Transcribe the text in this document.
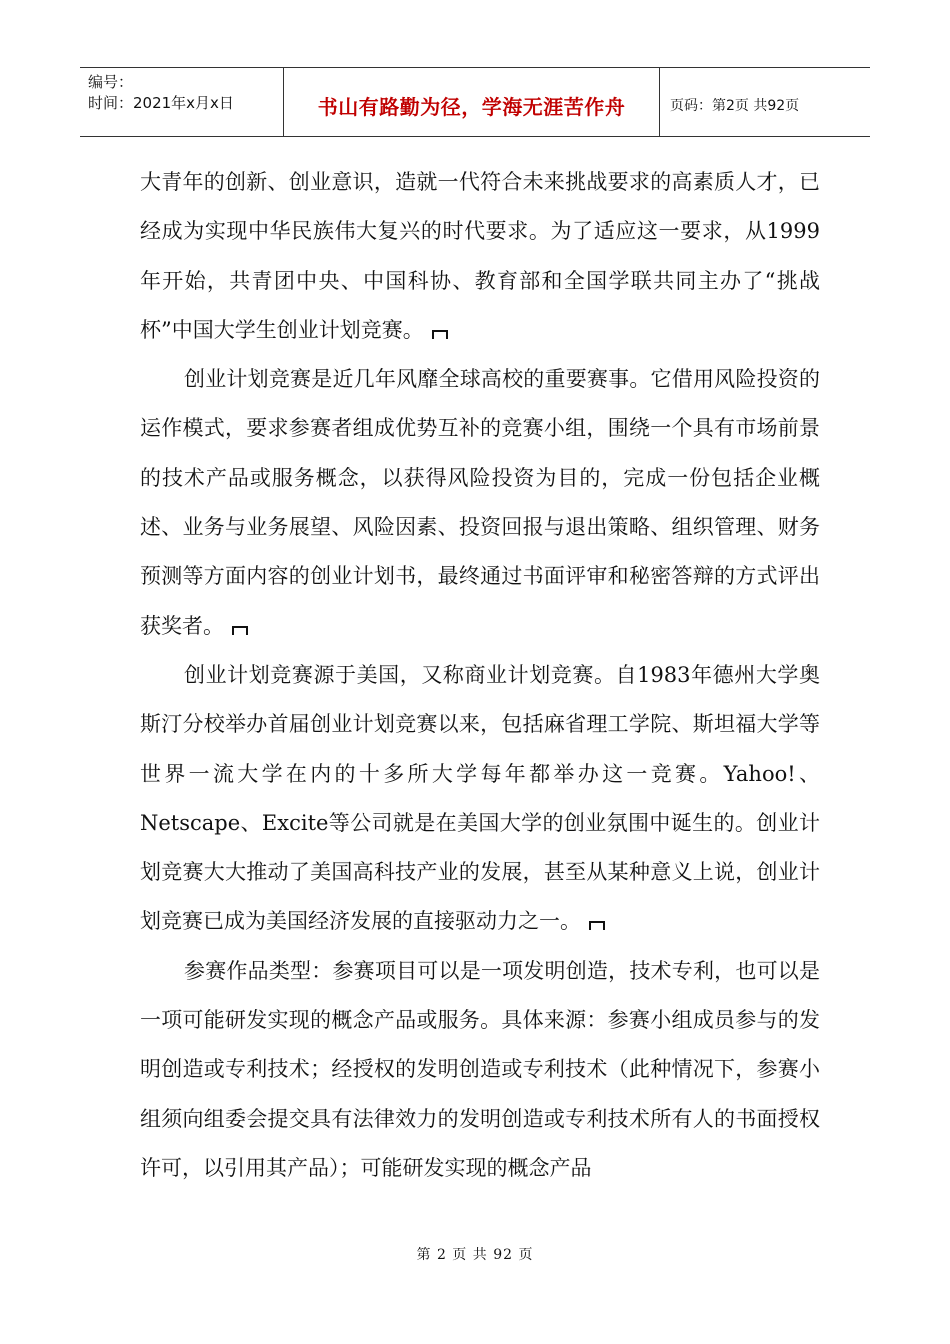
编号：
时间：2021年x月x日	书山有路勤为径，学海无涯苦作舟	页码：第2页 共92页

大青年的创新、创业意识，造就一代符合未来挑战要求的高素质人才，已经成为实现中华民族伟大复兴的时代要求。为了适应这一要求，从1999年开始，共青团中央、中国科协、教育部和全国学联共同主办了“挑战杯”中国大学生创业计划竞赛。

创业计划竞赛是近几年风靡全球高校的重要赛事。它借用风险投资的运作模式，要求参赛者组成优势互补的竞赛小组，围绕一个具有市场前景的技术产品或服务概念，以获得风险投资为目的，完成一份包括企业概述、业务与业务展望、风险因素、投资回报与退出策略、组织管理、财务预测等方面内容的创业计划书，最终通过书面评审和秘密答辩的方式评出获奖者。

创业计划竞赛源于美国，又称商业计划竞赛。自1983年德州大学奥斯汀分校举办首届创业计划竞赛以来，包括麻省理工学院、斯坦福大学等世界一流大学在内的十多所大学每年都举办这一竞赛。Yahoo!、Netscape、Excite等公司就是在美国大学的创业氛围中诞生的。创业计划竞赛大大推动了美国高科技产业的发展，甚至从某种意义上说，创业计划竞赛已成为美国经济发展的直接驱动力之一。

参赛作品类型：参赛项目可以是一项发明创造，技术专利，也可以是一项可能研发实现的概念产品或服务。具体来源：参赛小组成员参与的发明创造或专利技术；经授权的发明创造或专利技术（此种情况下，参赛小组须向组委会提交具有法律效力的发明创造或专利技术所有人的书面授权许可，以引用其产品）；可能研发实现的概念产品

第 2 页 共 92 页
